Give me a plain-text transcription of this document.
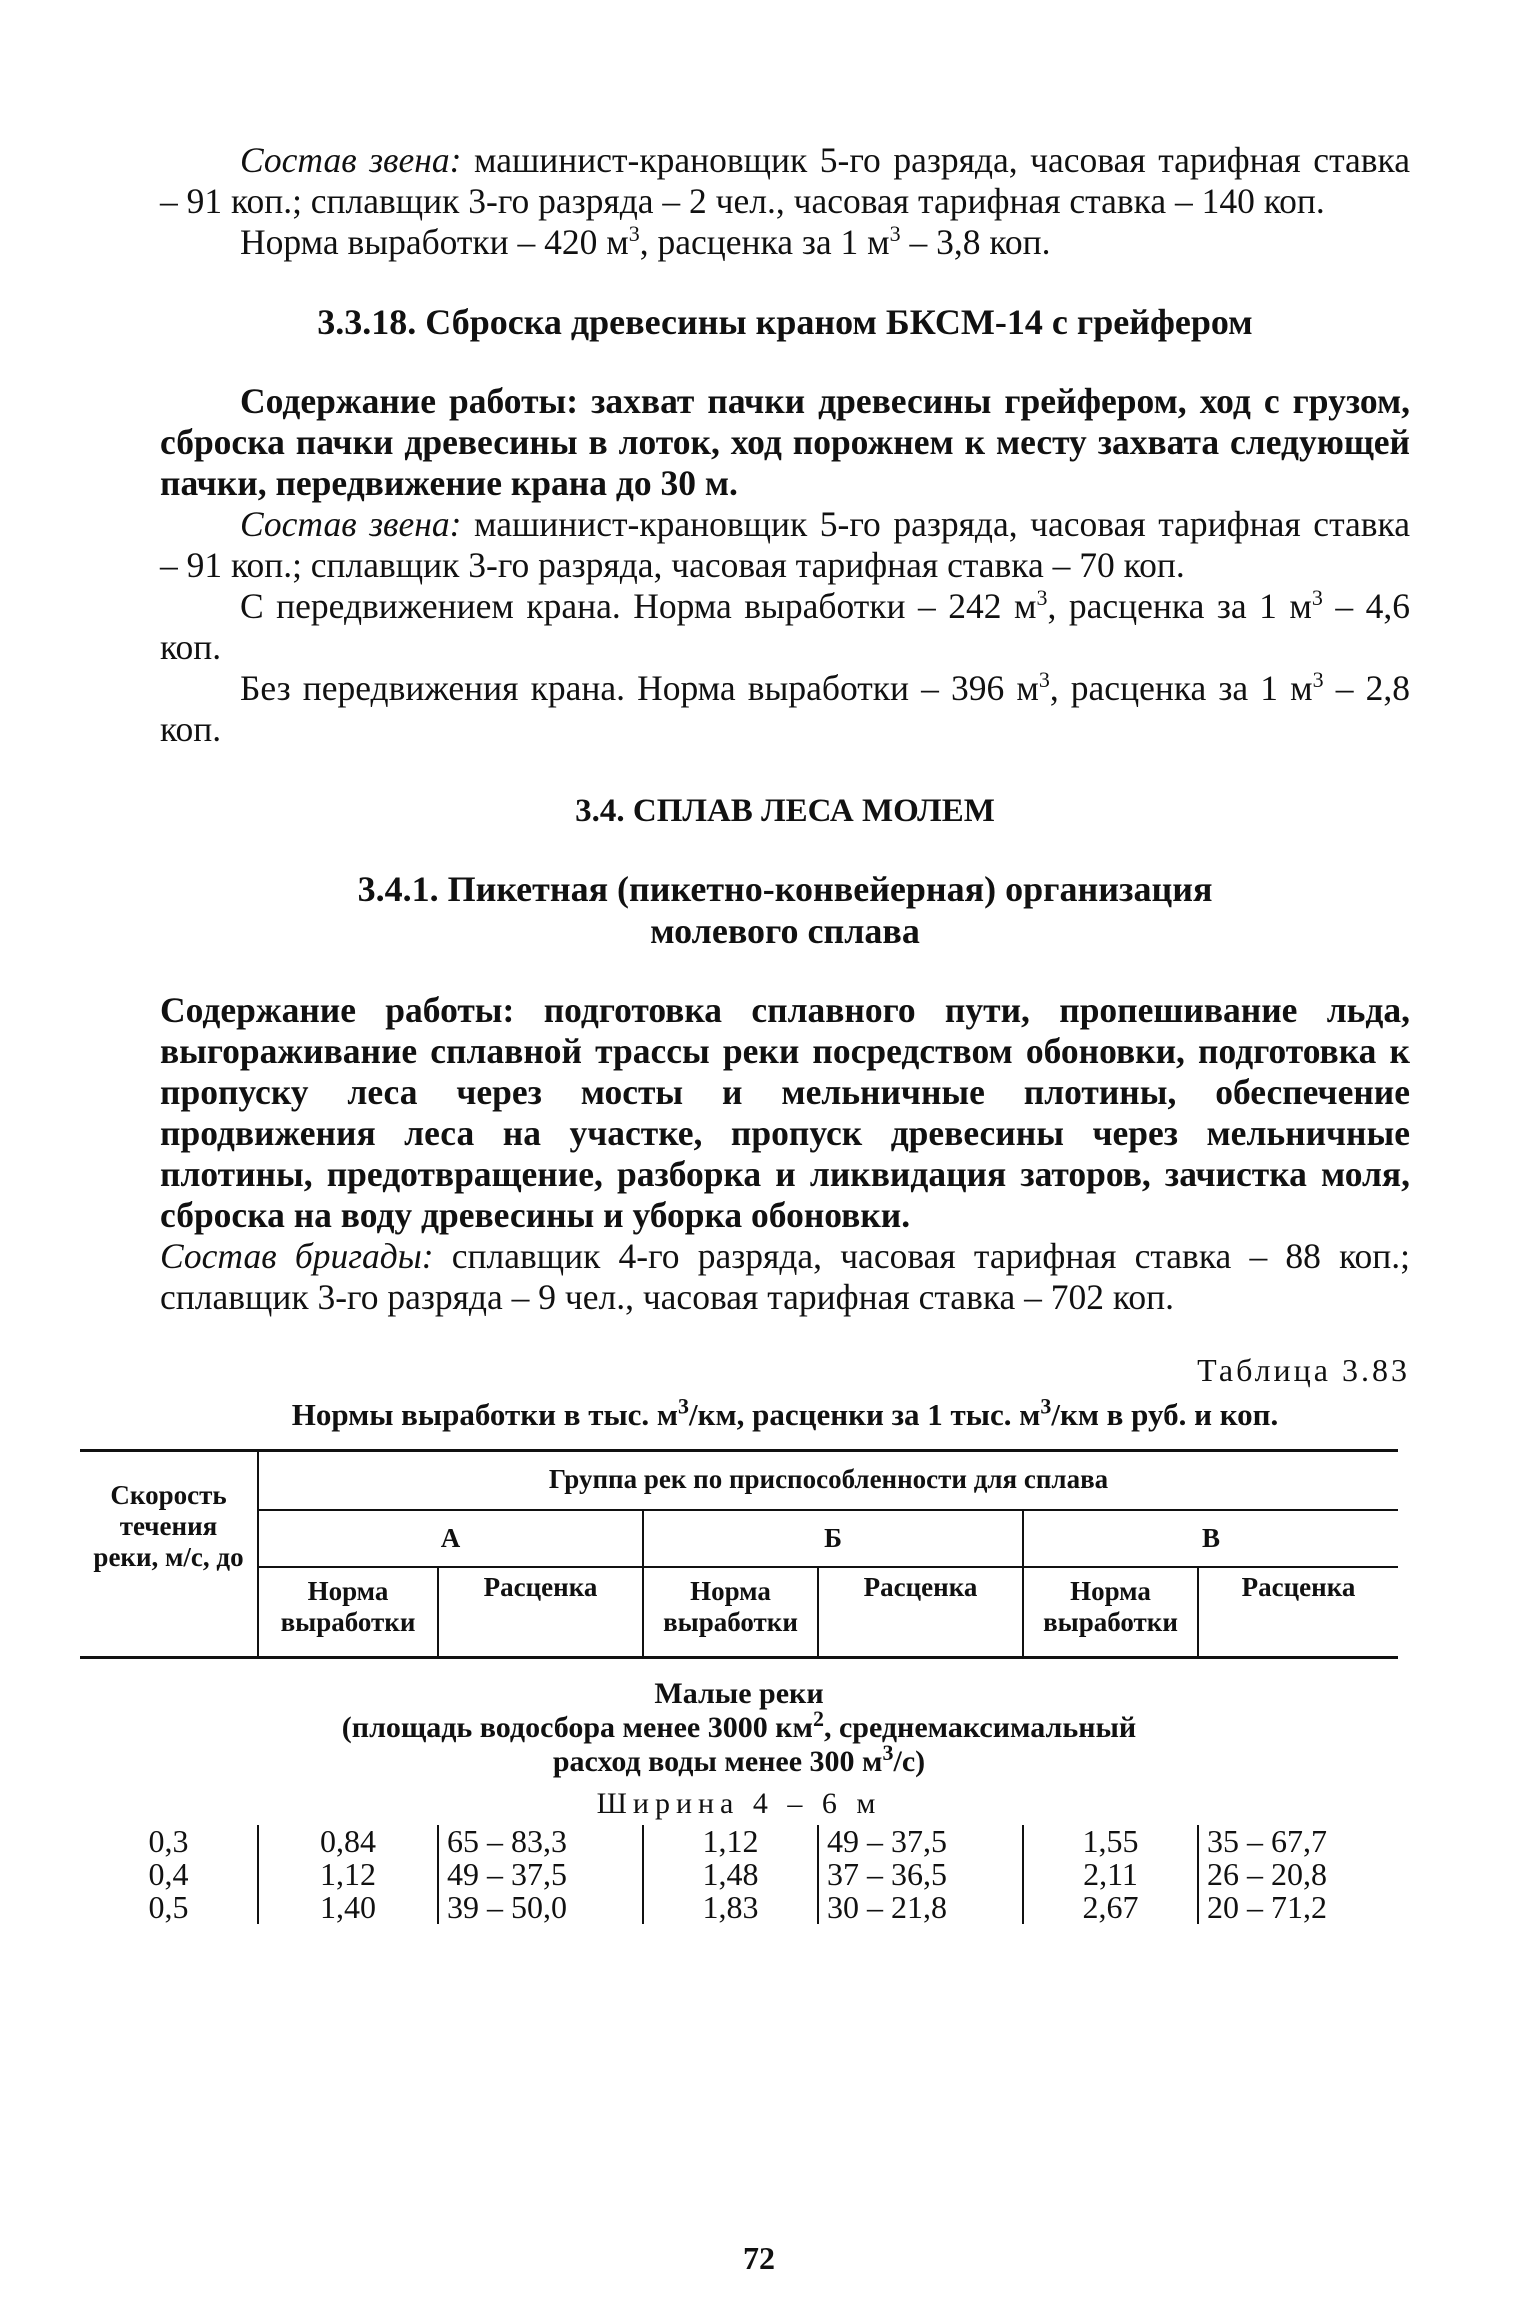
Состав звена: машинист-крановщик 5-го разряда, часовая тарифная ставка – 91 коп.; сплавщик 3-го разряда – 2 чел., часовая тарифная ставка – 140 коп.

Норма выработки – 420 $м^3$, расценка за 1 $м^3 - 3,8$ коп.

3.3.18. Сброска древесины краном БКСМ-14 с грейфером

Содержание работы: захват пачки древесины грейфером, ход с грузом, сброска пачки древесины в лоток, ход порожнем к месту захвата следующей пачки, передвижение крана до 30 м.

Состав звена: машинист-крановщик 5-го разряда, часовая тарифная ставка – 91 коп.; сплавщик 3-го разряда, часовая тарифная ставка – 70 коп.

С передвижением крана. Норма выработки – 242 $м^3$, расценка за 1 $м^3 - 4,6$ коп.

Без передвижения крана. Норма выработки – 396 $м^3$, расценка за 1 $м^3 - 2,8$ коп.

3.4. СПЛАВ ЛЕСА МОЛЕМ
3.4.1. Пикетная (пикетно-конвейерная) организация
молевого сплава

Содержание работы: подготовка сплавного пути, пропешивание льда, выгораживание сплавной трассы реки посредством обоновки, подготовка к пропуску леса через мосты и мельничные плотины, обеспечение продвижения леса на участке, пропуск древесины через мельничные плотины, предотвращение, разборка и ликвидация заторов, зачистка моля, сброска на воду древесины и уборка обоновки.

Состав бригады: сплавщик 4-го разряда, часовая тарифная ставка – 88 коп.; сплавщик 3-го разряда – 9 чел., часовая тарифная ставка – 702 коп.

Таблица 3.83
Нормы выработки в тыс. $м^3/км$, расценки за 1 тыс. $м^3/км$ в руб. и коп.
Скорость течения реки, м/с, до	Группа рек по приспособленности для сплава					
	А		Б		В	
	Норма выработки	Расценка	Норма выработки	Расценка	Норма выработки	Расценка
Малые реки
(площадь водосбора менее 3000 $км^2$, среднемаксимальный
расход воды менее 300 $м^3/с$)
Ширина 4 – 6 м
0,3	0,84	65 – 83,3	1,12	49 – 37,5	1,55	35 – 67,7
0,4	1,12	49 – 37,5	1,48	37 – 36,5	2,11	26 – 20,8
0,5	1,40	39 – 50,0	1,83	30 – 21,8	2,67	20 – 71,2
72
